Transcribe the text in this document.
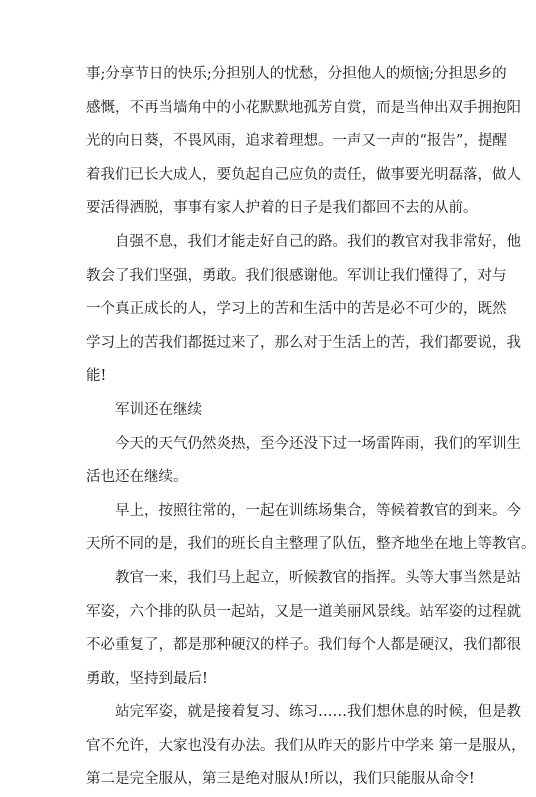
事;分享节日的快乐;分担别人的忧愁，分担他人的烦恼;分担思乡的
感慨，不再当墙角中的小花默默地孤芳自赏，而是当伸出双手拥抱阳
光的向日葵，不畏风雨，追求着理想。一声又一声的“报告”，提醒
着我们已长大成人，要负起自己应负的责任，做事要光明磊落，做人
要活得洒脱，事事有家人护着的日子是我们都回不去的从前。
自强不息，我们才能走好自己的路。我们的教官对我非常好，他
教会了我们坚强，勇敢。我们很感谢他。军训让我们懂得了，对与
一个真正成长的人，学习上的苦和生活中的苦是必不可少的，既然
学习上的苦我们都挺过来了，那么对于生活上的苦，我们都要说，我
能!
军训还在继续
今天的天气仍然炎热，至今还没下过一场雷阵雨，我们的军训生
活也还在继续。
早上，按照往常的，一起在训练场集合，等候着教官的到来。今
天所不同的是，我们的班长自主整理了队伍，整齐地坐在地上等教官。
教官一来，我们马上起立，听候教官的指挥。头等大事当然是站
军姿，六个排的队员一起站，又是一道美丽风景线。站军姿的过程就
不必重复了，都是那种硬汉的样子。我们每个人都是硬汉，我们都很
勇敢，坚持到最后!
站完军姿，就是接着复习、练习……我们想休息的时候，但是教
官不允许，大家也没有办法。我们从昨天的影片中学来 第一是服从，
第二是完全服从，第三是绝对服从!所以，我们只能服从命令!
